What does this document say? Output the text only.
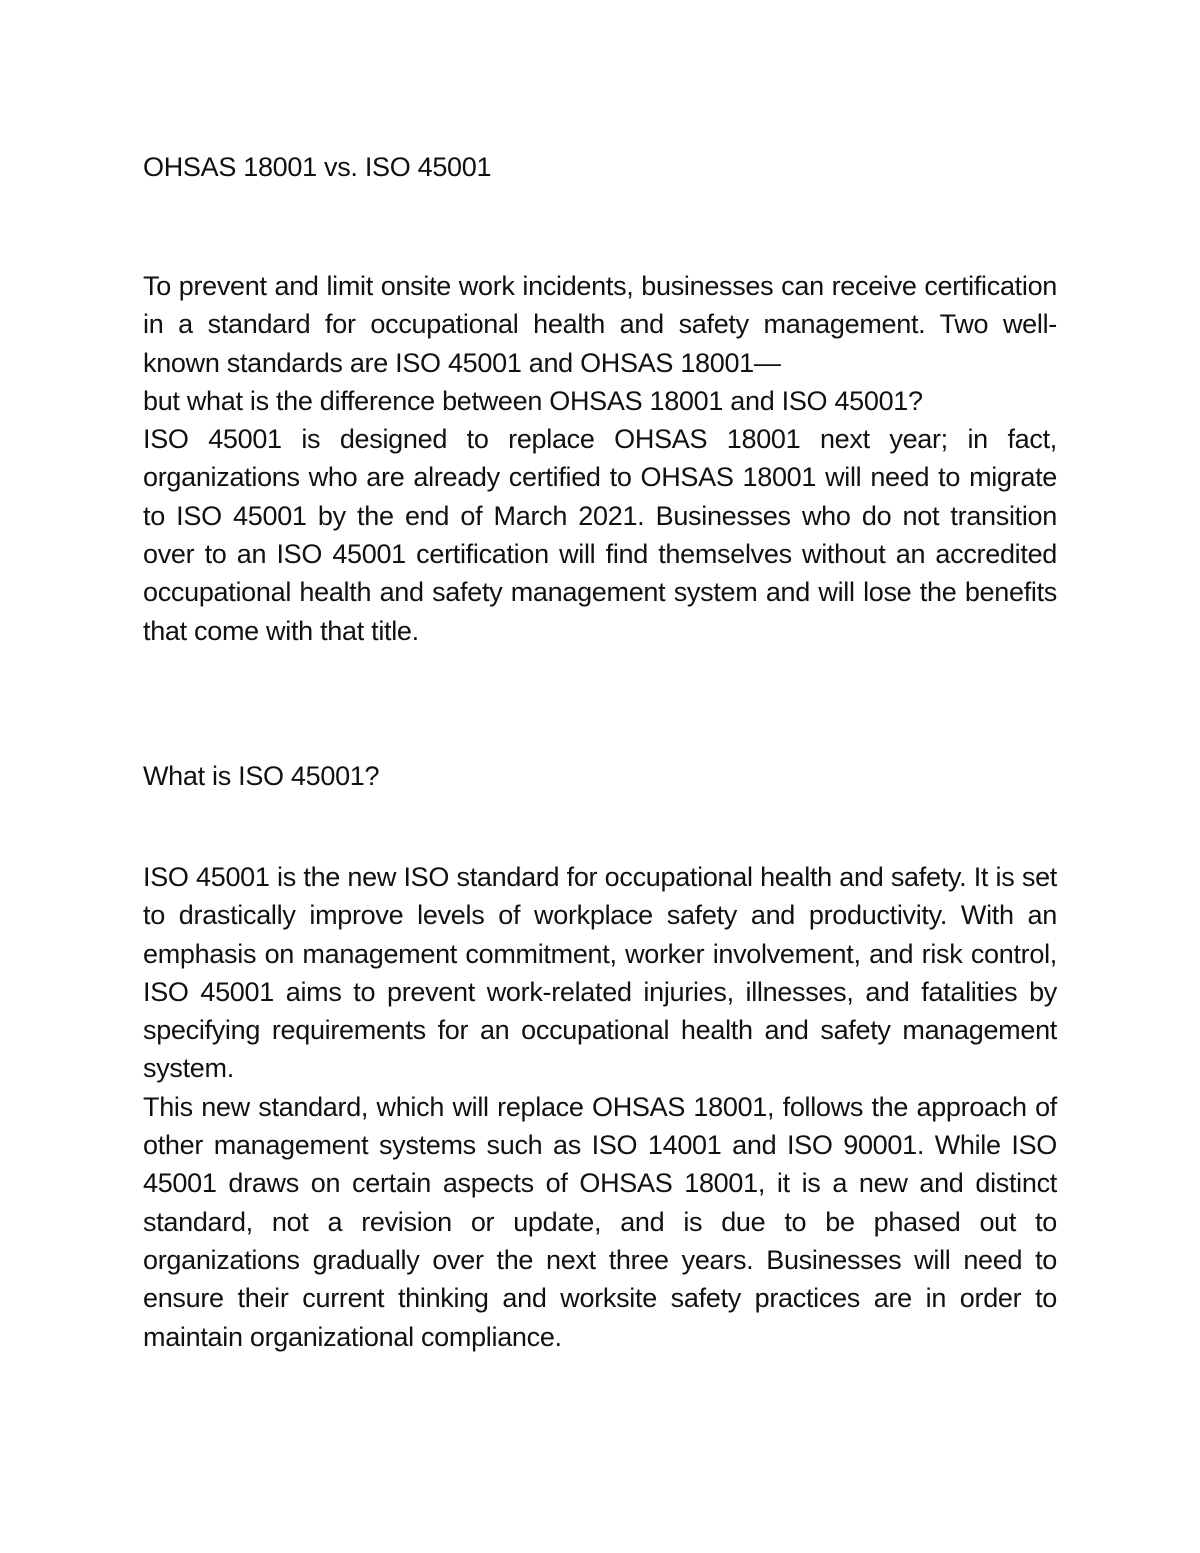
OHSAS 18001 vs. ISO 45001

To prevent and limit onsite work incidents, businesses can receive certification in a standard for occupational health and safety management. Two well-known standards are ISO 45001 and OHSAS 18001—

but what is the difference between OHSAS 18001 and ISO 45001?

ISO 45001 is designed to replace OHSAS 18001 next year; in fact, organizations who are already certified to OHSAS 18001 will need to migrate to ISO 45001 by the end of March 2021. Businesses who do not transition over to an ISO 45001 certification will find themselves without an accredited occupational health and safety management system and will lose the benefits that come with that title.

What is ISO 45001?

ISO 45001 is the new ISO standard for occupational health and safety. It is set to drastically improve levels of workplace safety and productivity. With an emphasis on management commitment, worker involvement, and risk control, ISO 45001 aims to prevent work-related injuries, illnesses, and fatalities by specifying requirements for an occupational health and safety management system.

This new standard, which will replace OHSAS 18001, follows the approach of other management systems such as ISO 14001 and ISO 90001. While ISO 45001 draws on certain aspects of OHSAS 18001, it is a new and distinct standard, not a revision or update, and is due to be phased out to organizations gradually over the next three years. Businesses will need to ensure their current thinking and worksite safety practices are in order to maintain organizational compliance.
